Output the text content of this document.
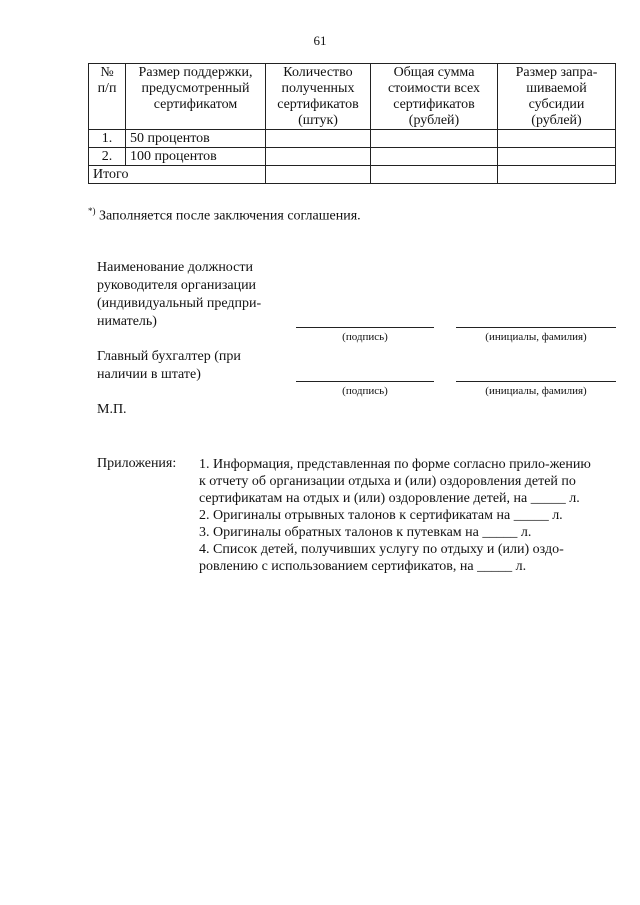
61
№ п/п	Размер поддержки, предусмотренный сертификатом	Количество полученных сертификатов (штук)	Общая сумма стоимости всех сертификатов (рублей)	Размер запра-шиваемой субсидии (рублей)
1.	50 процентов			
2.	100 процентов			
Итого				
*) Заполняется после заключения соглашения.
Наименование должности руководителя организации (индивидуальный предпри-ниматель)
(подпись)	(инициалы, фамилия)
Главный бухгалтер (при наличии в штате)
(подпись)	(инициалы, фамилия)
М.П.
Приложения: 1. Информация, представленная по форме согласно прило-жению к отчету об организации отдыха и (или) оздоровления детей по сертификатам на отдых и (или) оздоровление детей, на _____ л.

2. Оригиналы отрывных талонов к сертификатам на _____ л.

3. Оригиналы обратных талонов к путевкам на _____ л.

4. Список детей, получивших услугу по отдыху и (или) оздо-ровлению с использованием сертификатов, на _____ л.
